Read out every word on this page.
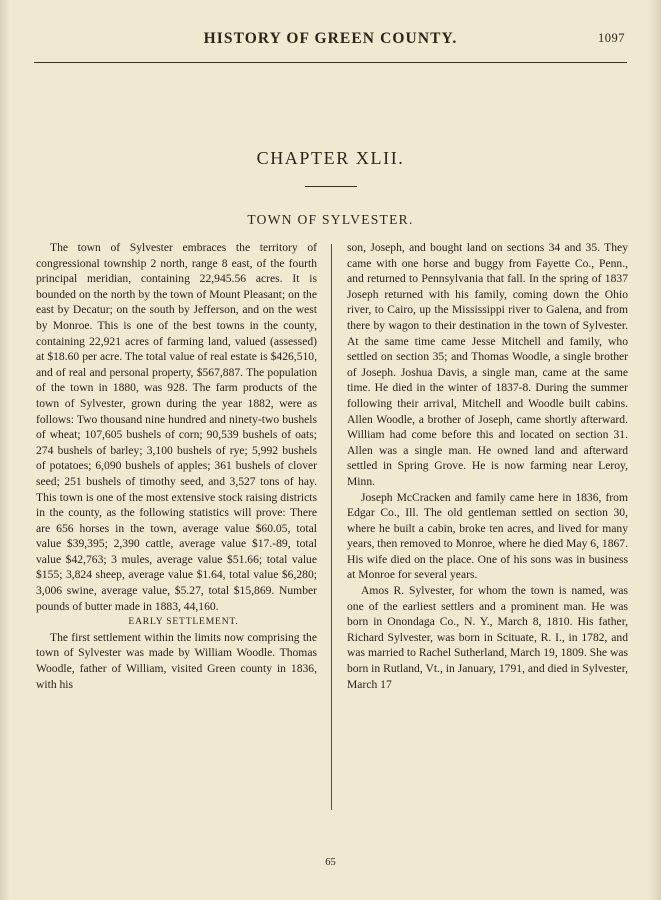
HISTORY OF GREEN COUNTY.	1097
CHAPTER XLII.
TOWN OF SYLVESTER.

The town of Sylvester embraces the territory of congressional township 2 north, range 8 east, of the fourth principal meridian, containing 22,945.56 acres. It is bounded on the north by the town of Mount Pleasant; on the east by Decatur; on the south by Jefferson, and on the west by Monroe. This is one of the best towns in the county, containing 22,921 acres of farming land, valued (assessed) at $18.60 per acre. The total value of real estate is $426,510, and of real and personal property, $567,887. The population of the town in 1880, was 928. The farm products of the town of Sylvester, grown during the year 1882, were as follows: Two thousand nine hundred and ninety-two bushels of wheat; 107,605 bushels of corn; 90,539 bushels of oats; 274 bushels of barley; 3,100 bushels of rye; 5,992 bushels of potatoes; 6,090 bushels of apples; 361 bushels of clover seed; 251 bushels of timothy seed, and 3,527 tons of hay. This town is one of the most extensive stock raising districts in the county, as the following statistics will prove: There are 656 horses in the town, average value $60.05, total value $39,395; 2,390 cattle, average value $17.-89, total value $42,763; 3 mules, average value $51.66; total value $155; 3,824 sheep, average value $1.64, total value $6,280; 3,006 swine, average value, $5.27, total $15,869. Number pounds of butter made in 1883, 44,160.

EARLY SETTLEMENT.

The first settlement within the limits now comprising the town of Sylvester was made by William Woodle. Thomas Woodle, father of William, visited Green county in 1836, with his

son, Joseph, and bought land on sections 34 and 35. They came with one horse and buggy from Fayette Co., Penn., and returned to Pennsylvania that fall. In the spring of 1837 Joseph returned with his family, coming down the Ohio river, to Cairo, up the Mississippi river to Galena, and from there by wagon to their destination in the town of Sylvester. At the same time came Jesse Mitchell and family, who settled on section 35; and Thomas Woodle, a single brother of Joseph. Joshua Davis, a single man, came at the same time. He died in the winter of 1837-8. During the summer following their arrival, Mitchell and Woodle built cabins. Allen Woodle, a brother of Joseph, came shortly afterward. William had come before this and located on section 31. Allen was a single man. He owned land and afterward settled in Spring Grove. He is now farming near Leroy, Minn.

Joseph McCracken and family came here in 1836, from Edgar Co., Ill. The old gentleman settled on section 30, where he built a cabin, broke ten acres, and lived for many years, then removed to Monroe, where he died May 6, 1867. His wife died on the place. One of his sons was in business at Monroe for several years.

Amos R. Sylvester, for whom the town is named, was one of the earliest settlers and a prominent man. He was born in Onondaga Co., N. Y., March 8, 1810. His father, Richard Sylvester, was born in Scituate, R. I., in 1782, and was married to Rachel Sutherland, March 19, 1809. She was born in Rutland, Vt., in January, 1791, and died in Sylvester, March 17

65
